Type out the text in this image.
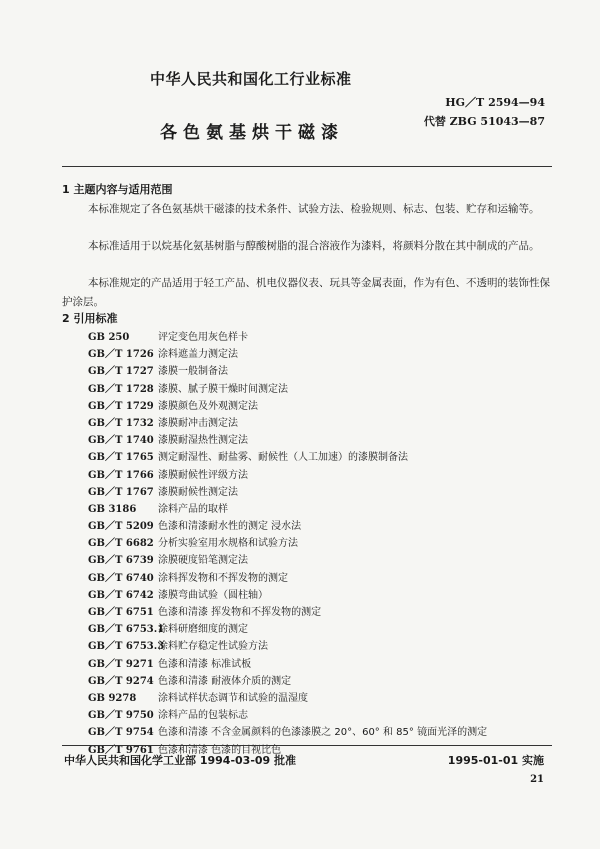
中华人民共和国化工行业标准
HG／T 2594—94
代替 ZBG 51043—87
各色氨基烘干磁漆
1 主题内容与适用范围
本标准规定了各色氨基烘干磁漆的技术条件、试验方法、检验规则、标志、包装、贮存和运输等。
本标准适用于以烷基化氨基树脂与醇酸树脂的混合溶液作为漆料，将颜料分散在其中制成的产品。
本标准规定的产品适用于轻工产品、机电仪器仪表、玩具等金属表面，作为有色、不透明的装饰性保护涂层。
2 引用标准
GB 250	评定变色用灰色样卡
GB／T 1726 涂料遮盖力测定法
GB／T 1727 漆膜一般制备法
GB／T 1728 漆膜、腻子膜干燥时间测定法
GB／T 1729 漆膜颜色及外观测定法
GB／T 1732 漆膜耐冲击测定法
GB／T 1740 漆膜耐湿热性测定法
GB／T 1765 测定耐湿性、耐盐雾、耐候性（人工加速）的漆膜制备法
GB／T 1766 漆膜耐候性评级方法
GB／T 1767 漆膜耐候性测定法
GB 3186 涂料产品的取样
GB／T 5209 色漆和清漆耐水性的测定 浸水法
GB／T 6682 分析实验室用水规格和试验方法
GB／T 6739 涂膜硬度铅笔测定法
GB／T 6740 涂料挥发物和不挥发物的测定
GB／T 6742 漆膜弯曲试验（圆柱轴）
GB／T 6751 色漆和清漆 挥发物和不挥发物的测定
GB／T 6753.1涂料研磨细度的测定
GB／T 6753.3涂料贮存稳定性试验方法
GB／T 9271 色漆和清漆 标准试板
GB／T 9274 色漆和清漆 耐液体介质的测定
GB 9278 涂料试样状态调节和试验的温湿度
GB／T 9750 涂料产品的包装标志
GB／T 9754 色漆和清漆 不含金属颜料的色漆漆膜之 20°、60° 和 85° 镜面光泽的测定
GB／T 9761 色漆和清漆 色漆的目视比色
中华人民共和国化学工业部 1994-03-09 批准	1995-01-01 实施
21
